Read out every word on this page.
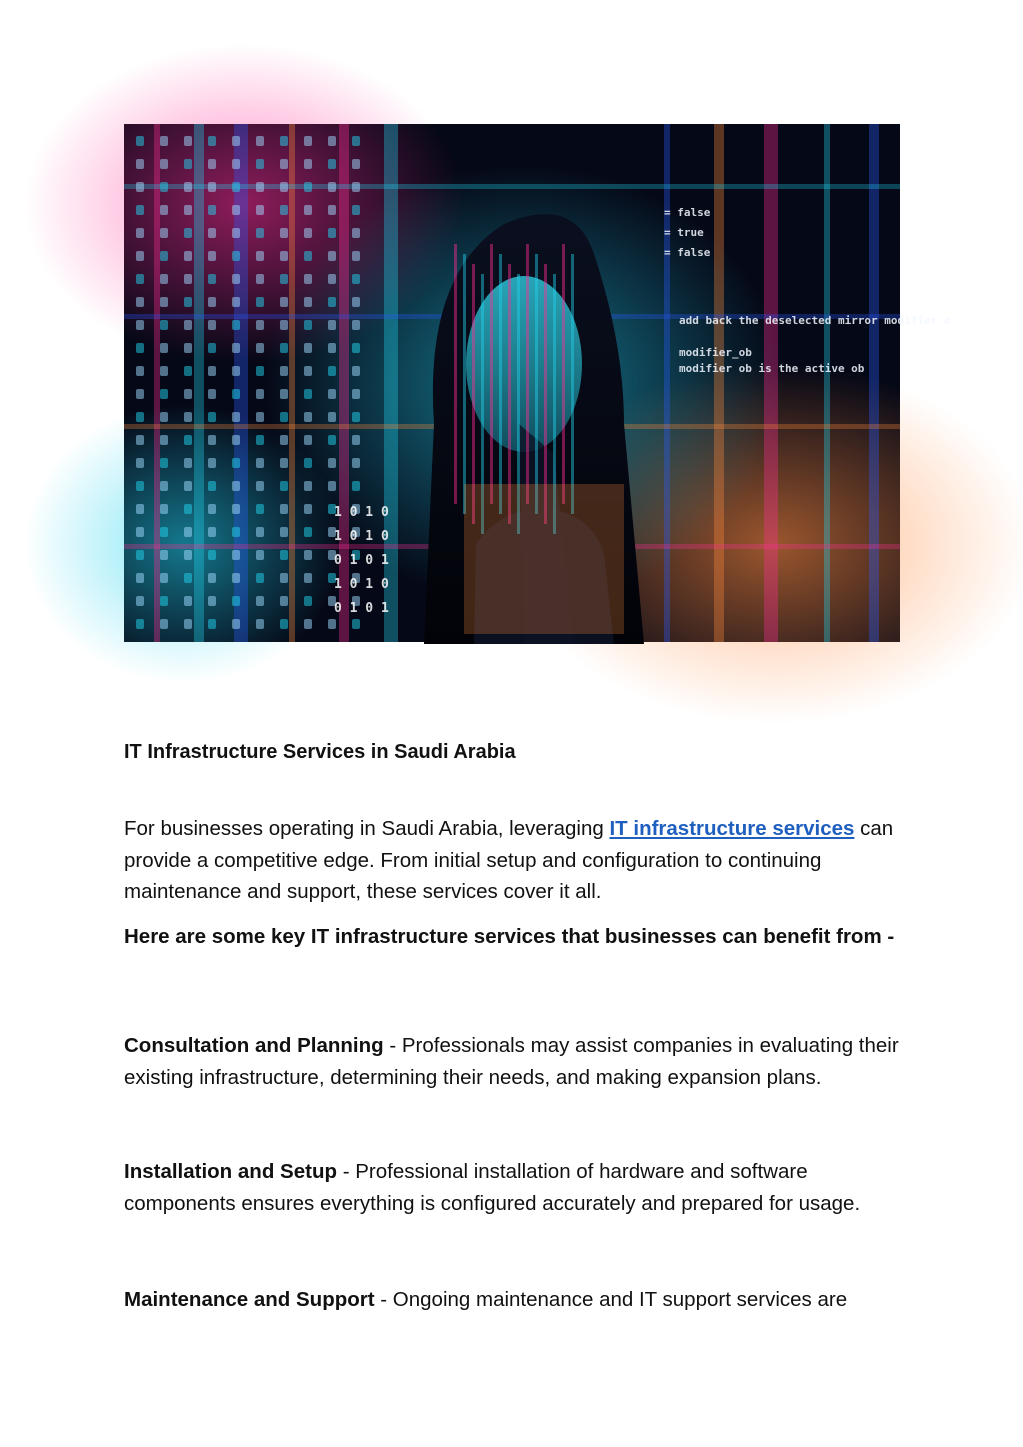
1 0 1 0
1 0 1 0
0 1 0 1
1 0 1 0
0 1 0 1
= false
= true
= false
add back the deselected mirror modifier o
modifier_ob
modifier ob is the active ob
IT Infrastructure Services in Saudi Arabia

For businesses operating in Saudi Arabia, leveraging IT infrastructure services can provide a competitive edge. From initial setup and configuration to continuing maintenance and support, these services cover it all.

Here are some key IT infrastructure services that businesses can benefit from -

Consultation and Planning - Professionals may assist companies in evaluating their existing infrastructure, determining their needs, and making expansion plans.

Installation and Setup - Professional installation of hardware and software components ensures everything is configured accurately and prepared for usage.

Maintenance and Support - Ongoing maintenance and IT support services are
